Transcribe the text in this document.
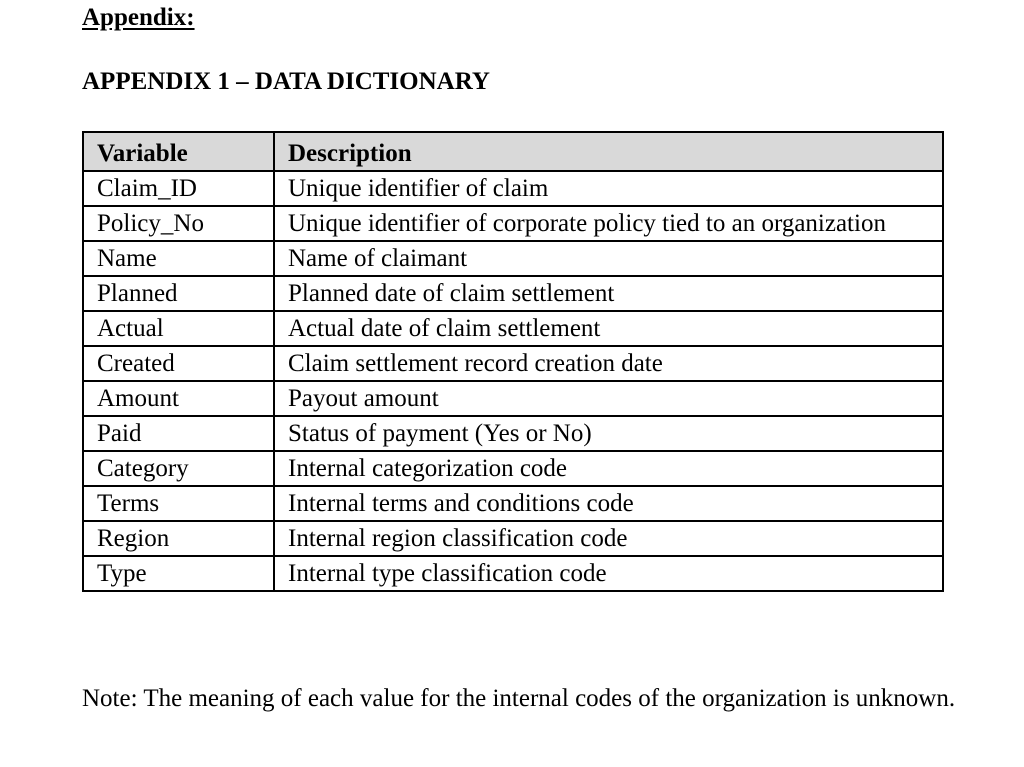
Appendix:
APPENDIX 1 – DATA DICTIONARY
Variable	Description
Claim_ID	Unique identifier of claim
Policy_No	Unique identifier of corporate policy tied to an organization
Name	Name of claimant
Planned	Planned date of claim settlement
Actual	Actual date of claim settlement
Created	Claim settlement record creation date
Amount	Payout amount
Paid	Status of payment (Yes or No)
Category	Internal categorization code
Terms	Internal terms and conditions code
Region	Internal region classification code
Type	Internal type classification code

Note: The meaning of each value for the internal codes of the organization is unknown.
